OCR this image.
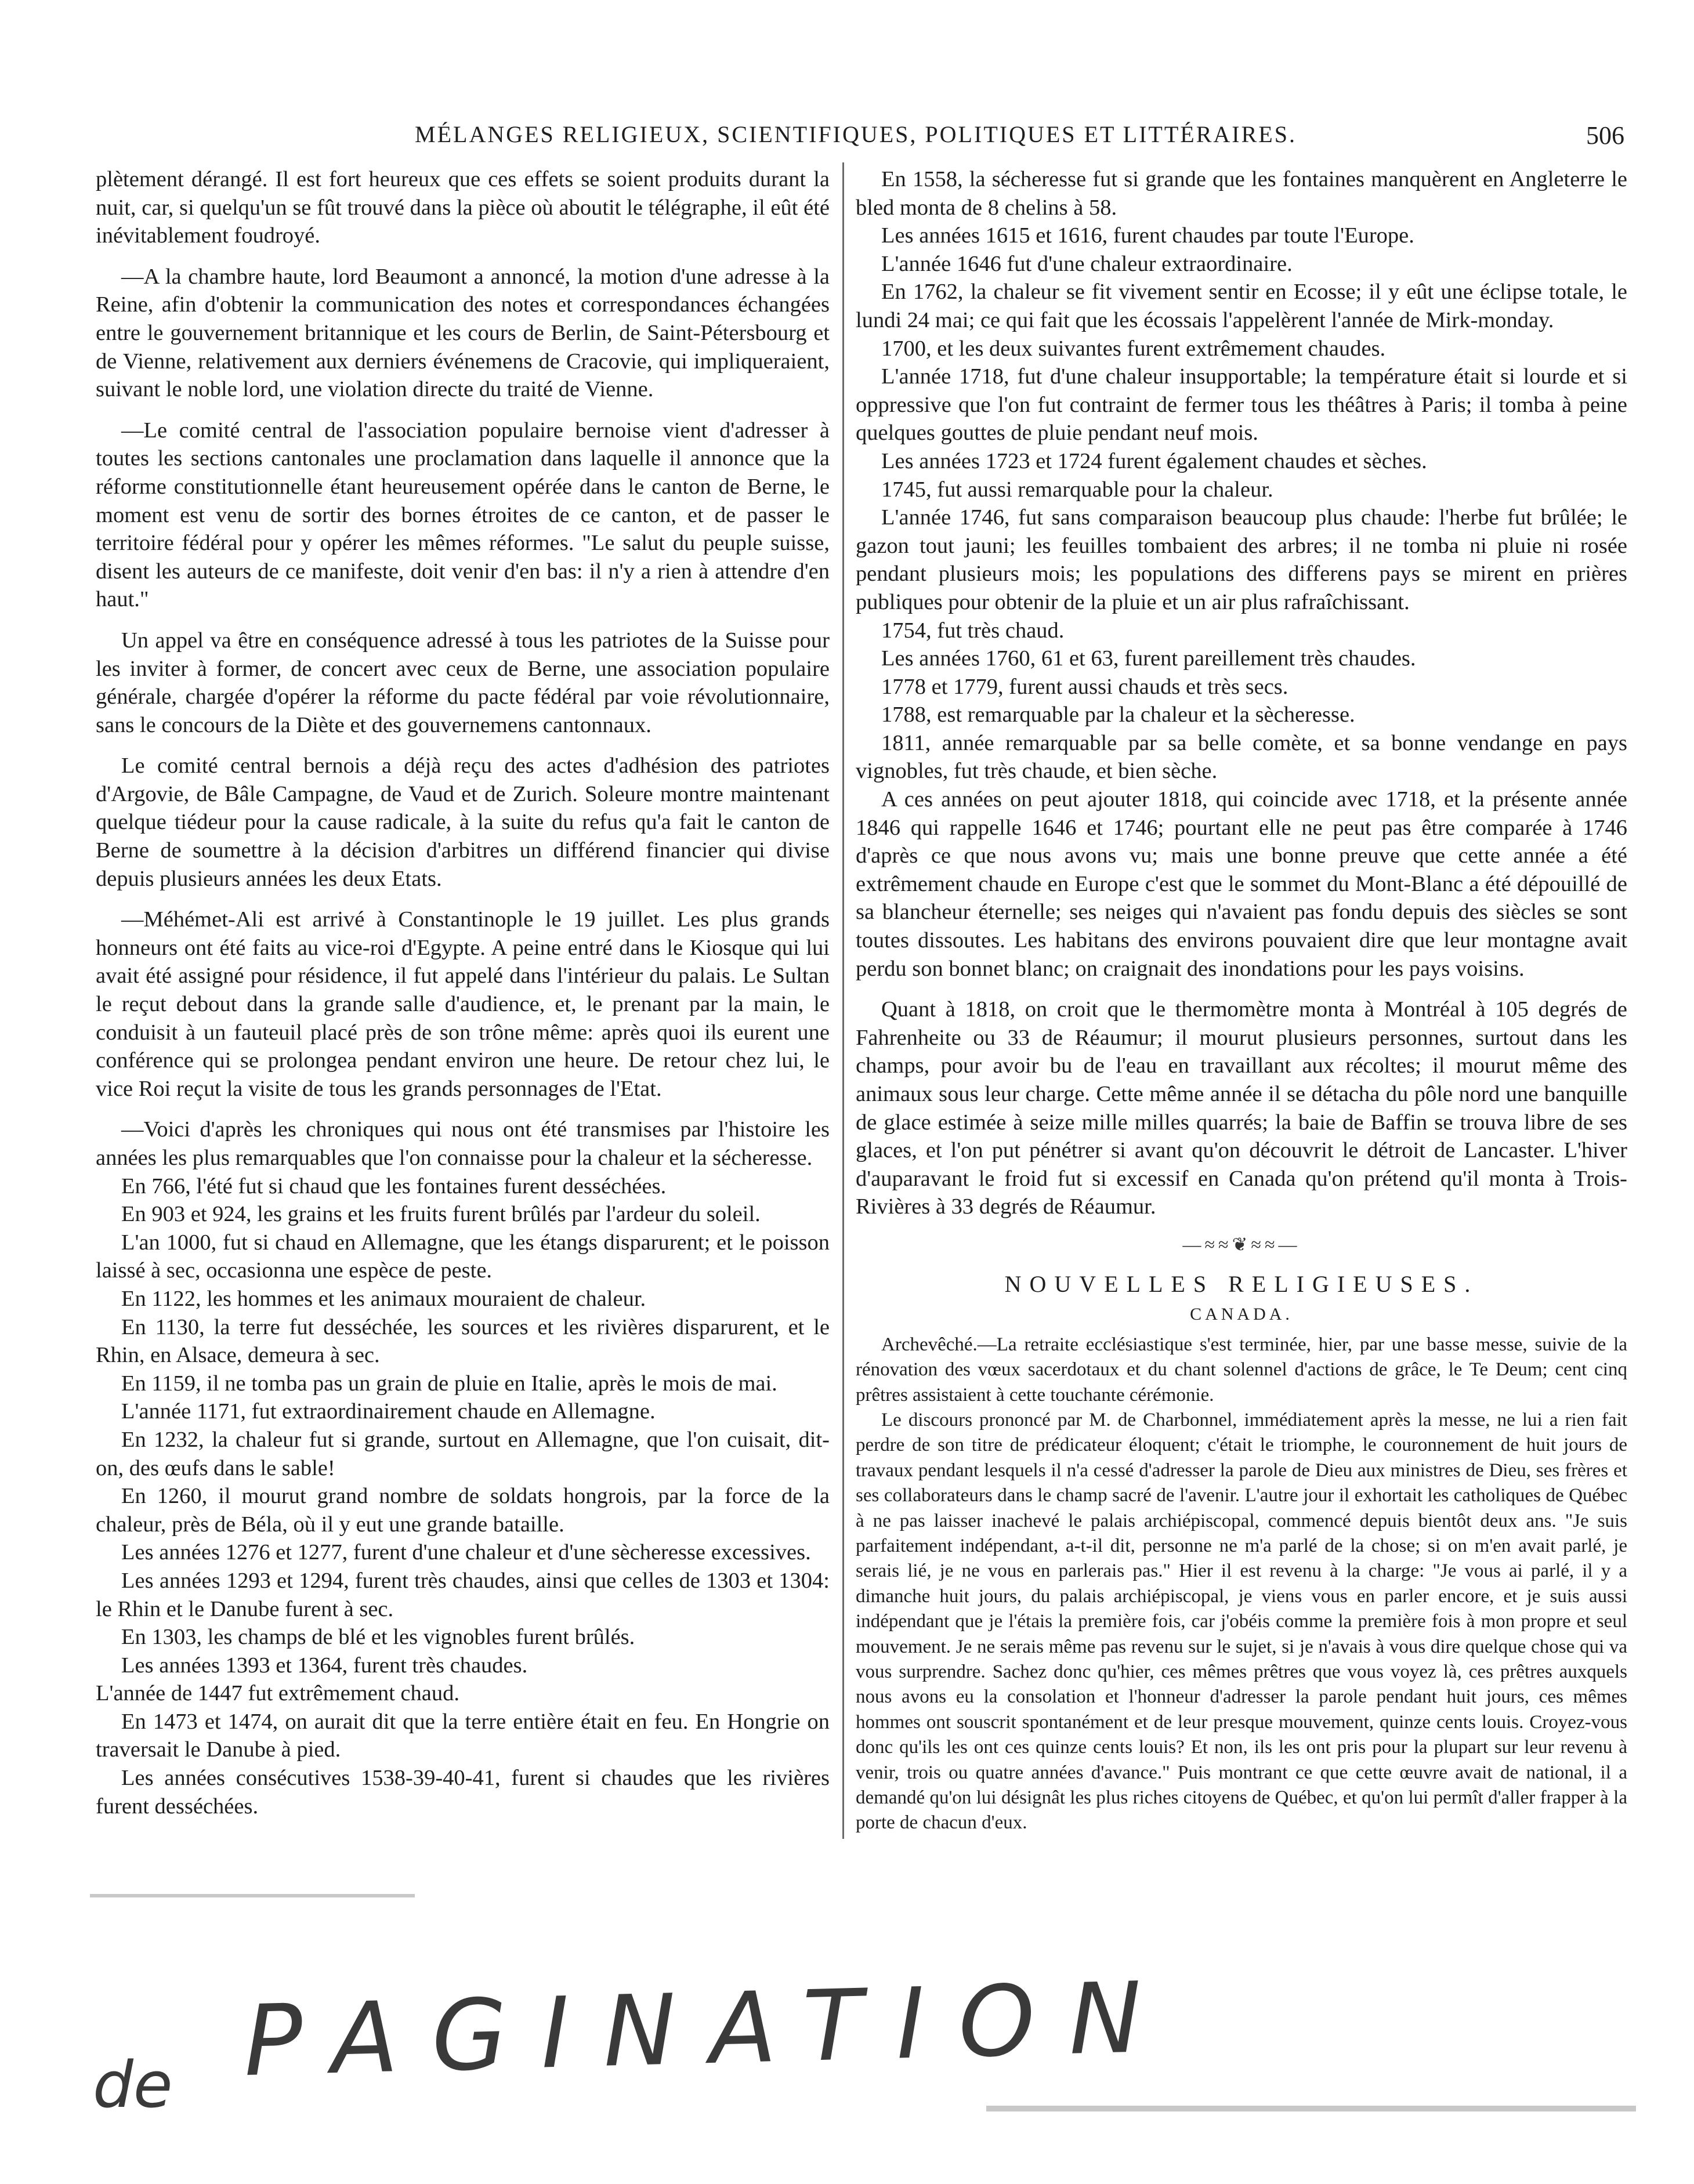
MÉLANGES RELIGIEUX, SCIENTIFIQUES, POLITIQUES ET LITTÉRAIRES.	506

plètement dérangé. Il est fort heureux que ces effets se soient produits durant la nuit, car, si quelqu'un se fût trouvé dans la pièce où aboutit le télégraphe, il eût été inévitablement foudroyé.

—A la chambre haute, lord Beaumont a annoncé, la motion d'une adresse à la Reine, afin d'obtenir la communication des notes et correspondances échangées entre le gouvernement britannique et les cours de Berlin, de Saint-Pétersbourg et de Vienne, relativement aux derniers événemens de Cracovie, qui impliqueraient, suivant le noble lord, une violation directe du traité de Vienne.

—Le comité central de l'association populaire bernoise vient d'adresser à toutes les sections cantonales une proclamation dans laquelle il annonce que la réforme constitutionnelle étant heureusement opérée dans le canton de Berne, le moment est venu de sortir des bornes étroites de ce canton, et de passer le territoire fédéral pour y opérer les mêmes réformes. "Le salut du peuple suisse, disent les auteurs de ce manifeste, doit venir d'en bas: il n'y a rien à attendre d'en haut."

Un appel va être en conséquence adressé à tous les patriotes de la Suisse pour les inviter à former, de concert avec ceux de Berne, une association populaire générale, chargée d'opérer la réforme du pacte fédéral par voie révolutionnaire, sans le concours de la Diète et des gouvernemens cantonnaux.

Le comité central bernois a déjà reçu des actes d'adhésion des patriotes d'Argovie, de Bâle Campagne, de Vaud et de Zurich. Soleure montre maintenant quelque tiédeur pour la cause radicale, à la suite du refus qu'a fait le canton de Berne de soumettre à la décision d'arbitres un différend financier qui divise depuis plusieurs années les deux Etats.

—Méhémet-Ali est arrivé à Constantinople le 19 juillet. Les plus grands honneurs ont été faits au vice-roi d'Egypte. A peine entré dans le Kiosque qui lui avait été assigné pour résidence, il fut appelé dans l'intérieur du palais. Le Sultan le reçut debout dans la grande salle d'audience, et, le prenant par la main, le conduisit à un fauteuil placé près de son trône même: après quoi ils eurent une conférence qui se prolongea pendant environ une heure. De retour chez lui, le vice Roi reçut la visite de tous les grands personnages de l'Etat.

—Voici d'après les chroniques qui nous ont été transmises par l'histoire les années les plus remarquables que l'on connaisse pour la chaleur et la sécheresse.

En 766, l'été fut si chaud que les fontaines furent desséchées.

En 903 et 924, les grains et les fruits furent brûlés par l'ardeur du soleil.

L'an 1000, fut si chaud en Allemagne, que les étangs disparurent; et le poisson laissé à sec, occasionna une espèce de peste.

En 1122, les hommes et les animaux mouraient de chaleur.

En 1130, la terre fut desséchée, les sources et les rivières disparurent, et le Rhin, en Alsace, demeura à sec.

En 1159, il ne tomba pas un grain de pluie en Italie, après le mois de mai.

L'année 1171, fut extraordinairement chaude en Allemagne.

En 1232, la chaleur fut si grande, surtout en Allemagne, que l'on cuisait, dit-on, des œufs dans le sable!

En 1260, il mourut grand nombre de soldats hongrois, par la force de la chaleur, près de Béla, où il y eut une grande bataille.

Les années 1276 et 1277, furent d'une chaleur et d'une sècheresse excessives.

Les années 1293 et 1294, furent très chaudes, ainsi que celles de 1303 et 1304: le Rhin et le Danube furent à sec.

En 1303, les champs de blé et les vignobles furent brûlés.

Les années 1393 et 1364, furent très chaudes.

L'année de 1447 fut extrêmement chaud.

En 1473 et 1474, on aurait dit que la terre entière était en feu. En Hongrie on traversait le Danube à pied.

Les années consécutives 1538-39-40-41, furent si chaudes que les rivières furent desséchées.

En 1558, la sécheresse fut si grande que les fontaines manquèrent en Angleterre le bled monta de 8 chelins à 58.

Les années 1615 et 1616, furent chaudes par toute l'Europe.

L'année 1646 fut d'une chaleur extraordinaire.

En 1762, la chaleur se fit vivement sentir en Ecosse; il y eût une éclipse totale, le lundi 24 mai; ce qui fait que les écossais l'appelèrent l'année de Mirk-monday.

1700, et les deux suivantes furent extrêmement chaudes.

L'année 1718, fut d'une chaleur insupportable; la température était si lourde et si oppressive que l'on fut contraint de fermer tous les théâtres à Paris; il tomba à peine quelques gouttes de pluie pendant neuf mois.

Les années 1723 et 1724 furent également chaudes et sèches.

1745, fut aussi remarquable pour la chaleur.

L'année 1746, fut sans comparaison beaucoup plus chaude: l'herbe fut brûlée; le gazon tout jauni; les feuilles tombaient des arbres; il ne tomba ni pluie ni rosée pendant plusieurs mois; les populations des differens pays se mirent en prières publiques pour obtenir de la pluie et un air plus rafraîchissant.

1754, fut très chaud.

Les années 1760, 61 et 63, furent pareillement très chaudes.

1778 et 1779, furent aussi chauds et très secs.

1788, est remarquable par la chaleur et la sècheresse.

1811, année remarquable par sa belle comète, et sa bonne vendange en pays vignobles, fut très chaude, et bien sèche.

A ces années on peut ajouter 1818, qui coincide avec 1718, et la présente année 1846 qui rappelle 1646 et 1746; pourtant elle ne peut pas être comparée à 1746 d'après ce que nous avons vu; mais une bonne preuve que cette année a été extrêmement chaude en Europe c'est que le sommet du Mont-Blanc a été dépouillé de sa blancheur éternelle; ses neiges qui n'avaient pas fondu depuis des siècles se sont toutes dissoutes. Les habitans des environs pouvaient dire que leur montagne avait perdu son bonnet blanc; on craignait des inondations pour les pays voisins.

Quant à 1818, on croit que le thermomètre monta à Montréal à 105 degrés de Fahrenheite ou 33 de Réaumur; il mourut plusieurs personnes, surtout dans les champs, pour avoir bu de l'eau en travaillant aux récoltes; il mourut même des animaux sous leur charge. Cette même année il se détacha du pôle nord une banquille de glace estimée à seize mille milles quarrés; la baie de Baffin se trouva libre de ses glaces, et l'on put pénétrer si avant qu'on découvrit le détroit de Lancaster. L'hiver d'auparavant le froid fut si excessif en Canada qu'on prétend qu'il monta à Trois-Rivières à 33 degrés de Réaumur.

—≈≈❦≈≈—
NOUVELLES RELIGIEUSES.
CANADA.

Archevêché.—La retraite ecclésiastique s'est terminée, hier, par une basse messe, suivie de la rénovation des vœux sacerdotaux et du chant solennel d'actions de grâce, le Te Deum; cent cinq prêtres assistaient à cette touchante cérémonie.

Le discours prononcé par M. de Charbonnel, immédiatement après la messe, ne lui a rien fait perdre de son titre de prédicateur éloquent; c'était le triomphe, le couronnement de huit jours de travaux pendant lesquels il n'a cessé d'adresser la parole de Dieu aux ministres de Dieu, ses frères et ses collaborateurs dans le champ sacré de l'avenir. L'autre jour il exhortait les catholiques de Québec à ne pas laisser inachevé le palais archiépiscopal, commencé depuis bientôt deux ans. "Je suis parfaitement indépendant, a-t-il dit, personne ne m'a parlé de la chose; si on m'en avait parlé, je serais lié, je ne vous en parlerais pas." Hier il est revenu à la charge: "Je vous ai parlé, il y a dimanche huit jours, du palais archiépiscopal, je viens vous en parler encore, et je suis aussi indépendant que je l'étais la première fois, car j'obéis comme la première fois à mon propre et seul mouvement. Je ne serais même pas revenu sur le sujet, si je n'avais à vous dire quelque chose qui va vous surprendre. Sachez donc qu'hier, ces mêmes prêtres que vous voyez là, ces prêtres auxquels nous avons eu la consolation et l'honneur d'adresser la parole pendant huit jours, ces mêmes hommes ont souscrit spontanément et de leur presque mouvement, quinze cents louis. Croyez-vous donc qu'ils les ont ces quinze cents louis? Et non, ils les ont pris pour la plupart sur leur revenu à venir, trois ou quatre années d'avance." Puis montrant ce que cette œuvre avait de national, il a demandé qu'on lui désignât les plus riches citoyens de Québec, et qu'on lui permît d'aller frapper à la porte de chacun d'eux.

de PAGINATION
